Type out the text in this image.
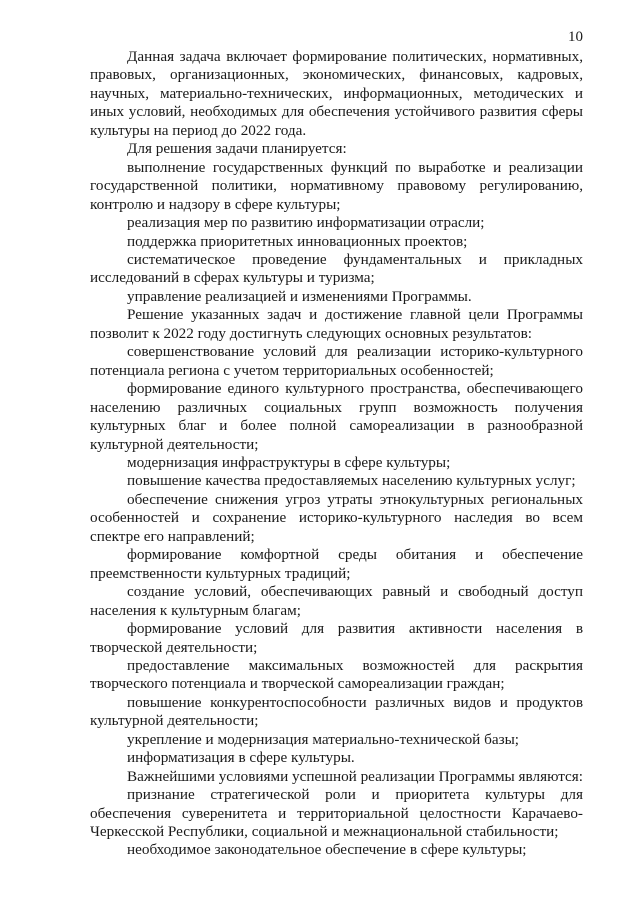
10

Данная задача включает формирование политических, нормативных, правовых, организационных, экономических, финансовых, кадровых, научных, материально-технических, информационных, методических и иных условий, необходимых для обеспечения устойчивого развития сферы культуры на период до 2022 года.

Для решения задачи планируется:

выполнение государственных функций по выработке и реализации государственной политики, нормативному правовому регулированию, контролю и надзору в сфере культуры;

реализация мер по развитию информатизации отрасли;

поддержка приоритетных инновационных проектов;

систематическое проведение фундаментальных и прикладных исследований в сферах культуры и туризма;

управление реализацией и изменениями Программы.

Решение указанных задач и достижение главной цели Программы позволит к 2022 году достигнуть следующих основных результатов:

совершенствование условий для реализации историко-культурного потенциала региона с учетом территориальных особенностей;

формирование единого культурного пространства, обеспечивающего населению различных социальных групп возможность получения культурных благ и более полной самореализации в разнообразной культурной деятельности;

модернизация инфраструктуры в сфере культуры;

повышение качества предоставляемых населению культурных услуг;

обеспечение снижения угроз утраты этнокультурных региональных особенностей и сохранение историко-культурного наследия во всем спектре его направлений;

формирование комфортной среды обитания и обеспечение преемственности культурных традиций;

создание условий, обеспечивающих равный и свободный доступ населения к культурным благам;

формирование условий для развития активности населения в творческой деятельности;

предоставление максимальных возможностей для раскрытия творческого потенциала и творческой самореализации граждан;

повышение конкурентоспособности различных видов и продуктов культурной деятельности;

укрепление и модернизация материально-технической базы;

информатизация в сфере культуры.

Важнейшими условиями успешной реализации Программы являются:

признание стратегической роли и приоритета культуры для обеспечения суверенитета и территориальной целостности Карачаево-Черкесской Республики, социальной и межнациональной стабильности;

необходимое законодательное обеспечение в сфере культуры;
